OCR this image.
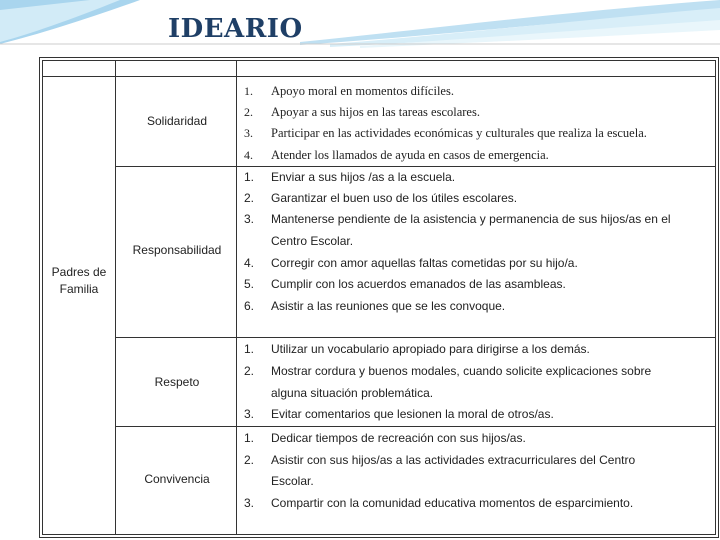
IDEARIO
Padres de Familia
Solidaridad
1. Apoyo moral en momentos difíciles.
2. Apoyar a sus hijos en las tareas escolares.
3. Participar en las actividades económicas y culturales que realiza la escuela.
4. Atender los llamados de ayuda en casos de emergencia.
Responsabilidad
1. Enviar a sus hijos /as a la escuela.
2. Garantizar el buen uso de los útiles escolares.
3. Mantenerse pendiente de la asistencia y permanencia de sus hijos/as en el
Centro Escolar.
4. Corregir con amor aquellas faltas cometidas por su hijo/a.
5. Cumplir con los acuerdos emanados de las asambleas.
6. Asistir a las reuniones que se les convoque.
Respeto
1. Utilizar un vocabulario apropiado para dirigirse a los demás.
2. Mostrar cordura y buenos modales, cuando solicite explicaciones sobre
alguna situación problemática.
3. Evitar comentarios que lesionen la moral de otros/as.
Convivencia
1. Dedicar tiempos de recreación con sus hijos/as.
2. Asistir con sus hijos/as a las actividades extracurriculares del Centro
Escolar.
3. Compartir con la comunidad educativa momentos de esparcimiento.
